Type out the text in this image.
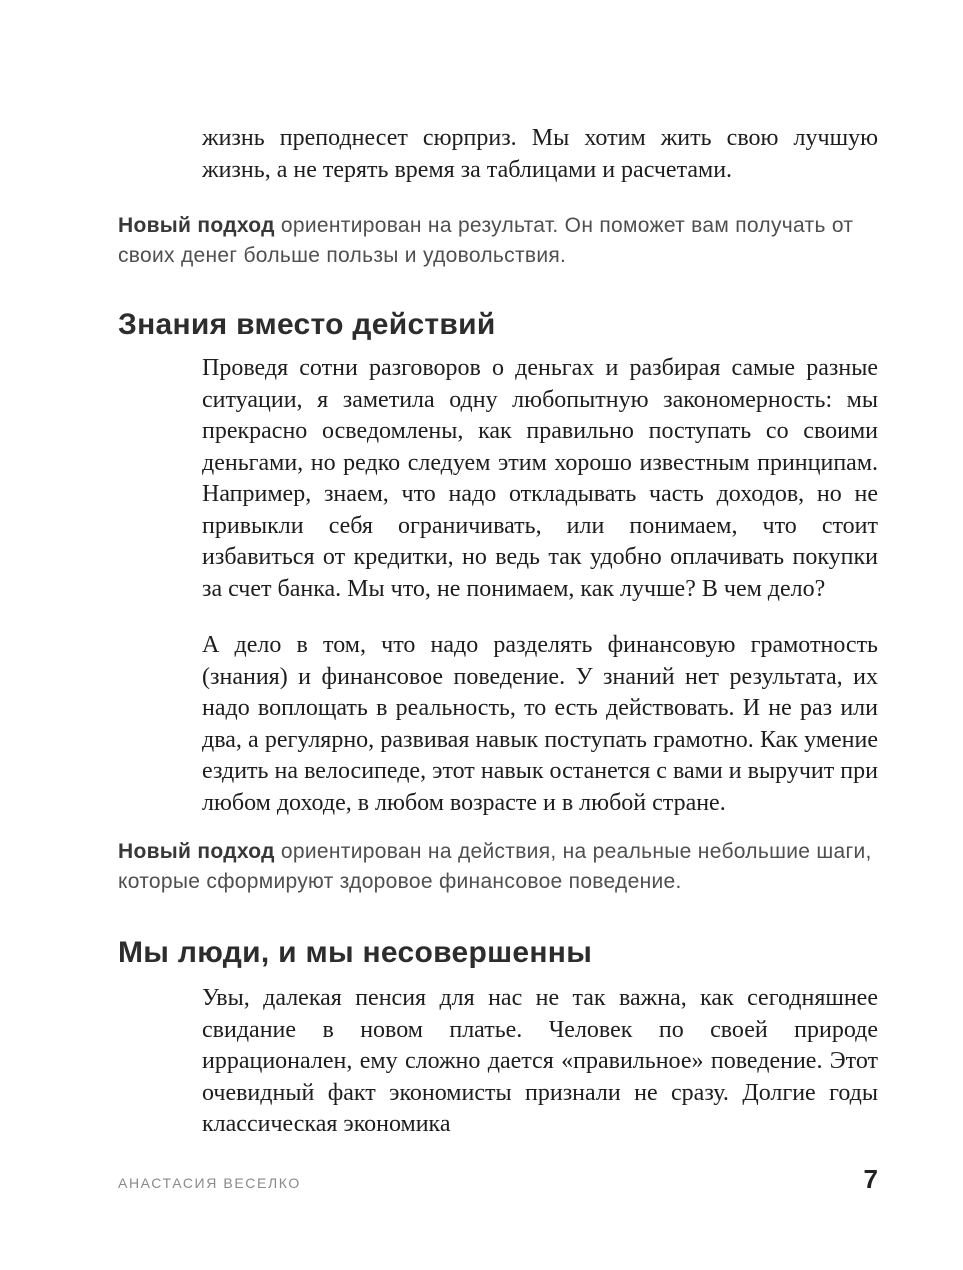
жизнь преподнесет сюрприз. Мы хотим жить свою лучшую жизнь, а не терять время за таблицами и расчетами.

Новый подход ориентирован на результат. Он поможет вам получать от своих денег больше пользы и удовольствия.

Знания вместо действий

Проведя сотни разговоров о деньгах и разбирая самые разные ситуации, я заметила одну любопытную закономерность: мы прекрасно осведомлены, как правильно поступать со своими деньгами, но редко следуем этим хорошо известным принципам. Например, знаем, что надо откладывать часть доходов, но не привыкли себя ограничивать, или понимаем, что стоит избавиться от кредитки, но ведь так удобно оплачивать покупки за счет банка. Мы что, не понимаем, как лучше? В чем дело?

А дело в том, что надо разделять финансовую грамотность (знания) и финансовое поведение. У знаний нет результата, их надо воплощать в реальность, то есть действовать. И не раз или два, а регулярно, развивая навык поступать грамотно. Как умение ездить на велосипеде, этот навык останется с вами и выручит при любом доходе, в любом возрасте и в любой стране.

Новый подход ориентирован на действия, на реальные небольшие шаги, которые сформируют здоровое финансовое поведение.

Мы люди, и мы несовершенны

Увы, далекая пенсия для нас не так важна, как сегодняшнее свидание в новом платье. Человек по своей природе иррационален, ему сложно дается «правильное» поведение. Этот очевидный факт экономисты признали не сразу. Долгие годы классическая экономика

АНАСТАСИЯ ВЕСЕЛКО	7
